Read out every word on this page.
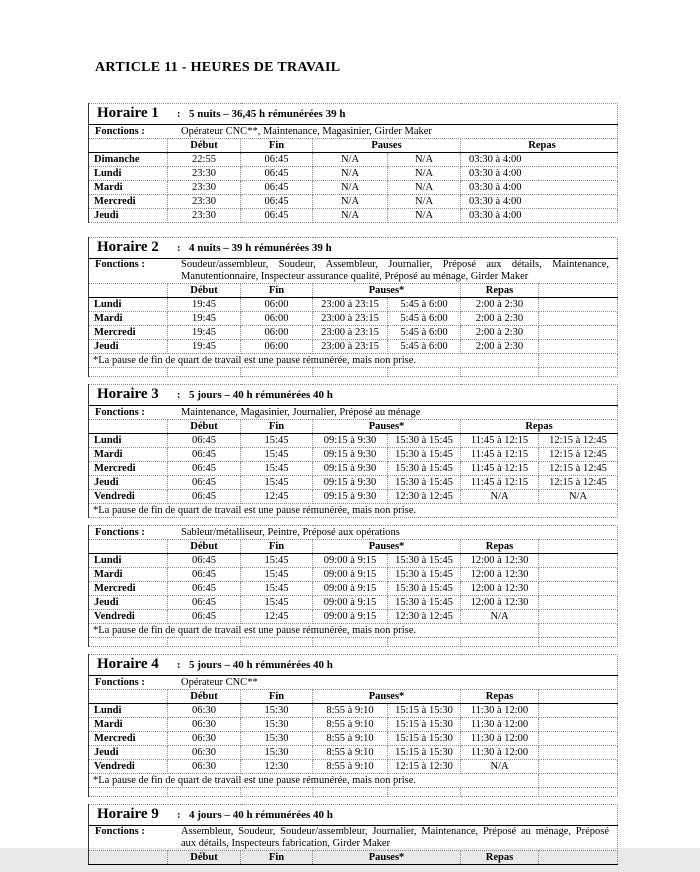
ARTICLE 11 - HEURES DE TRAVAIL
Horaire 1 : 5 nuits – 36,45 h rémunérées 39 h					

Fonctions : Opérateur CNC**, Maintenance, Magasinier, Girder Maker					

	Début	Fin	Pauses		Repas
Dimanche	22:55	06:45	N/A	N/A	03:30 à 4:00
Lundi	23:30	06:45	N/A	N/A	03:30 à 4:00
Mardi	23:30	06:45	N/A	N/A	03:30 à 4:00
Mercredi	23:30	06:45	N/A	N/A	03:30 à 4:00
Jeudi	23:30	06:45	N/A	N/A	03:30 à 4:00
Horaire 2 : 4 nuits – 39 h rémunérées 39 h						

Fonctions : Soudeur/assembleur, Soudeur, Assembleur, Journalier, Préposé aux détails, Maintenance, Manutentionnaire, Inspecteur assurance qualité, Préposé au ménage, Girder Maker						

	Début	Fin	Pauses*		Repas	
Lundi	19:45	06:00	23:00 à 23:15	5:45 à 6:00	2:00 à 2:30	
Mardi	19:45	06:00	23:00 à 23:15	5:45 à 6:00	2:00 à 2:30	
Mercredi	19:45	06:00	23:00 à 23:15	5:45 à 6:00	2:00 à 2:30	
Jeudi	19:45	06:00	23:00 à 23:15	5:45 à 6:00	2:00 à 2:30	
*La pause de fin de quart de travail est une pause rémunérée, mais non prise.						

Horaire 3 : 5 jours – 40 h rémunérées 40 h						

Fonctions : Maintenance, Magasinier, Journalier, Préposé au ménage						

	Début	Fin	Pauses*		Repas	
Lundi	06:45	15:45	09:15 à 9:30	15:30 à 15:45	11:45 à 12:15	12:15 à 12:45
Mardi	06:45	15:45	09:15 à 9:30	15:30 à 15:45	11:45 à 12:15	12:15 à 12:45
Mercredi	06:45	15:45	09:15 à 9:30	15:30 à 15:45	11:45 à 12:15	12:15 à 12:45
Jeudi	06:45	15:45	09:15 à 9:30	15:30 à 15:45	11:45 à 12:15	12:15 à 12:45
Vendredi	06:45	12:45	09:15 à 9:30	12:30 à 12:45	N/A	N/A
*La pause de fin de quart de travail est une pause rémunérée, mais non prise.						
Fonctions : Sableur/métalliseur, Peintre, Préposé aux opérations						

	Début	Fin	Pauses*		Repas	
Lundi	06:45	15:45	09:00 à 9:15	15:30 à 15:45	12:00 à 12:30	
Mardi	06:45	15:45	09:00 à 9:15	15:30 à 15:45	12:00 à 12:30	
Mercredi	06:45	15:45	09:00 à 9:15	15:30 à 15:45	12:00 à 12:30	
Jeudi	06:45	15:45	09:00 à 9:15	15:30 à 15:45	12:00 à 12:30	
Vendredi	06:45	12:45	09:00 à 9:15	12:30 à 12:45	N/A	
*La pause de fin de quart de travail est une pause rémunérée, mais non prise.						

Horaire 4 : 5 jours – 40 h rémunérées 40 h						

Fonctions : Opérateur CNC**						

	Début	Fin	Pauses*		Repas	
Lundi	06:30	15:30	8:55 à 9:10	15:15 à 15:30	11:30 à 12:00	
Mardi	06:30	15:30	8:55 à 9:10	15:15 à 15:30	11:30 à 12:00	
Mercredi	06:30	15:30	8:55 à 9:10	15:15 à 15:30	11:30 à 12:00	
Jeudi	06:30	15:30	8:55 à 9:10	15:15 à 15:30	11:30 à 12:00	
Vendredi	06:30	12:30	8:55 à 9:10	12:15 à 12:30	N/A	
*La pause de fin de quart de travail est une pause rémunérée, mais non prise.						

Horaire 9	: 4 jours – 40 h rémunérées 40 h

Fonctions :	Assembleur, Soudeur, Soudeur/assembleur, Journalier, Maintenance, Préposé au ménage, Préposé aux détails, Inspecteurs fabrication, Girder Maker

	Début	Fin	Pauses*	Repas	
